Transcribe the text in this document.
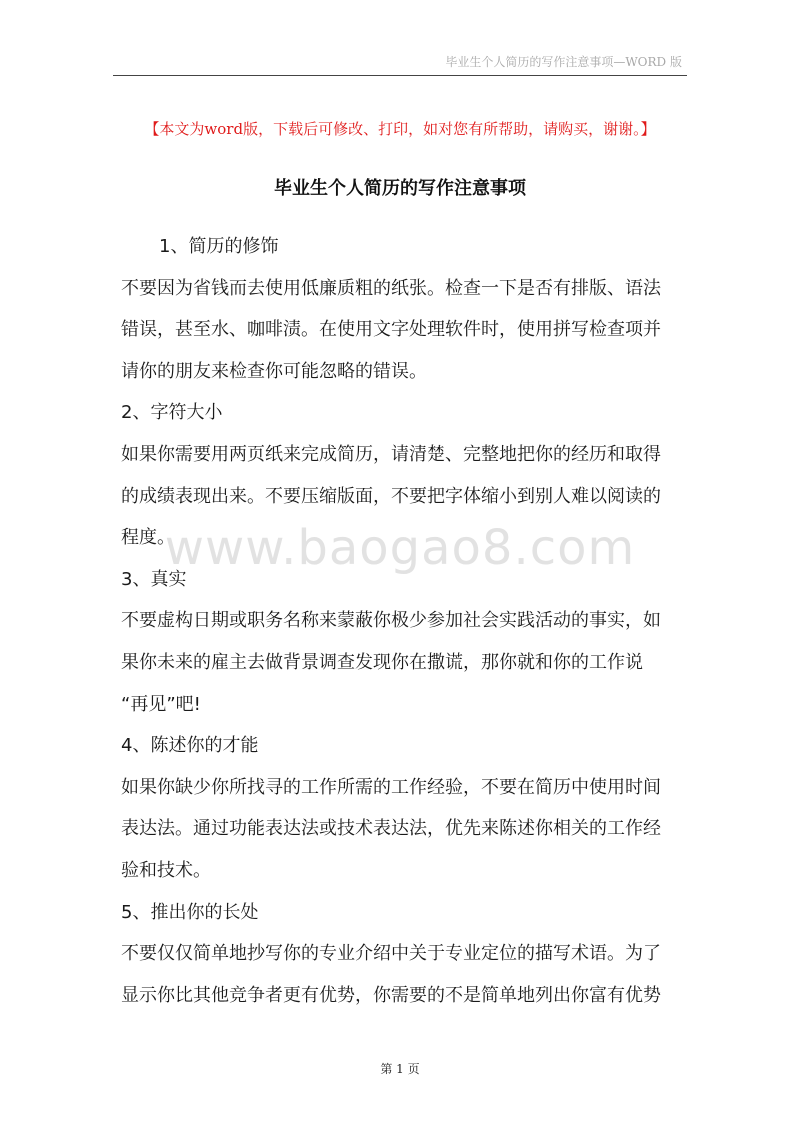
毕业生个人简历的写作注意事项—WORD 版
【本文为word版，下载后可修改、打印，如对您有所帮助，请购买，谢谢。】
毕业生个人简历的写作注意事项

1、简历的修饰

不要因为省钱而去使用低廉质粗的纸张。检查一下是否有排版、语法

错误，甚至水、咖啡渍。在使用文字处理软件时，使用拼写检查项并

请你的朋友来检查你可能忽略的错误。

2、字符大小

如果你需要用两页纸来完成简历，请清楚、完整地把你的经历和取得

的成绩表现出来。不要压缩版面，不要把字体缩小到别人难以阅读的

程度。

3、真实

不要虚构日期或职务名称来蒙蔽你极少参加社会实践活动的事实，如

果你未来的雇主去做背景调查发现你在撒谎，那你就和你的工作说

“再见”吧!

4、陈述你的才能

如果你缺少你所找寻的工作所需的工作经验，不要在简历中使用时间

表达法。通过功能表达法或技术表达法，优先来陈述你相关的工作经

验和技术。

5、推出你的长处

不要仅仅简单地抄写你的专业介绍中关于专业定位的描写术语。为了

显示你比其他竞争者更有优势，你需要的不是简单地列出你富有优势

www.baogao8.com
第 1 页
